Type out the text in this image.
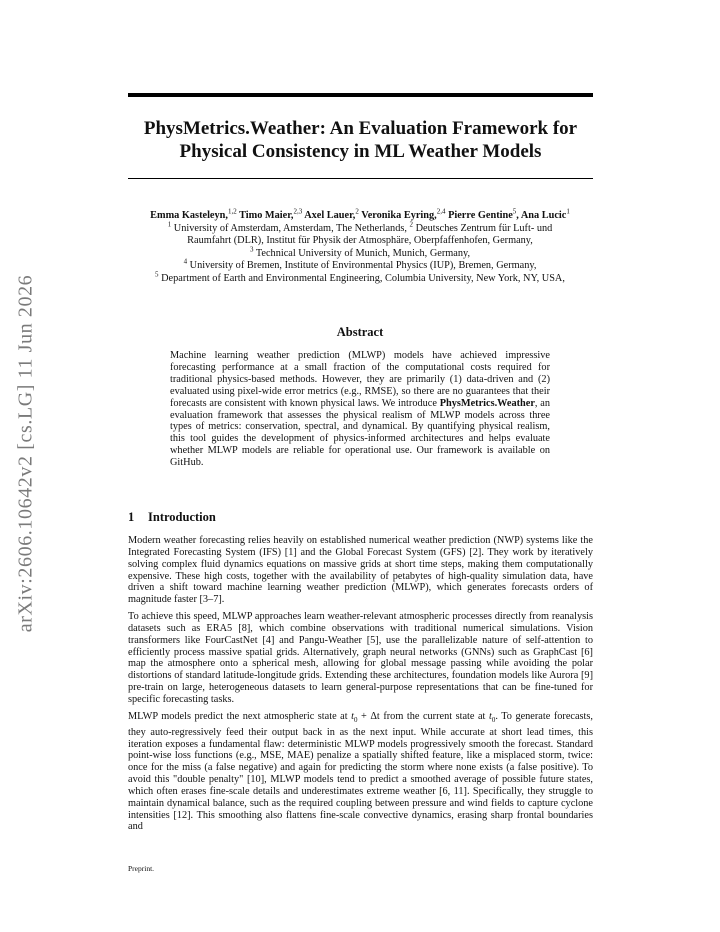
arXiv:2606.10642v2 [cs.LG] 11 Jun 2026
PhysMetrics.Weather: An Evaluation Framework for Physical Consistency in ML Weather Models
Emma Kasteleyn,$^{1,2}$ Timo Maier,$^{2,3}$ Axel Lauer,$^2$ Veronika Eyring,$^{2,4}$ Pierre Gentine$^5$, Ana Lucic$^1$
$^1$ University of Amsterdam, Amsterdam, The Netherlands, $^2$ Deutsches Zentrum für Luft- und
Raumfahrt (DLR), Institut für Physik der Atmosphäre, Oberpfaffenhofen, Germany,
$^3$ Technical University of Munich, Munich, Germany,
$^4$ University of Bremen, Institute of Environmental Physics (IUP), Bremen, Germany,
$^5$ Department of Earth and Environmental Engineering, Columbia University, New York, NY, USA,
Abstract

Machine learning weather prediction (MLWP) models have achieved impressive forecasting performance at a small fraction of the computational costs required for traditional physics-based methods. However, they are primarily (1) data-driven and (2) evaluated using pixel-wide error metrics (e.g., RMSE), so there are no guarantees that their forecasts are consistent with known physical laws. We introduce PhysMetrics.Weather, an evaluation framework that assesses the physical realism of MLWP models across three types of metrics: conservation, spectral, and dynamical. By quantifying physical realism, this tool guides the development of physics-informed architectures and helps evaluate whether MLWP models are reliable for operational use. Our framework is available on GitHub.

1 Introduction

Modern weather forecasting relies heavily on established numerical weather prediction (NWP) systems like the Integrated Forecasting System (IFS) [1] and the Global Forecast System (GFS) [2]. They work by iteratively solving complex fluid dynamics equations on massive grids at short time steps, making them computationally expensive. These high costs, together with the availability of petabytes of high-quality simulation data, have driven a shift toward machine learning weather prediction (MLWP), which generates forecasts orders of magnitude faster [3–7].

To achieve this speed, MLWP approaches learn weather-relevant atmospheric processes directly from reanalysis datasets such as ERA5 [8], which combine observations with traditional numerical simulations. Vision transformers like FourCastNet [4] and Pangu-Weather [5], use the parallelizable nature of self-attention to efficiently process massive spatial grids. Alternatively, graph neural networks (GNNs) such as GraphCast [6] map the atmosphere onto a spherical mesh, allowing for global message passing while avoiding the polar distortions of standard latitude-longitude grids. Extending these architectures, foundation models like Aurora [9] pre-train on large, heterogeneous datasets to learn general-purpose representations that can be fine-tuned for specific forecasting tasks.

MLWP models predict the next atmospheric state at $t_0 + \Delta t$ from the current state at $t_0$. To generate forecasts, they auto-regressively feed their output back in as the next input. While accurate at short lead times, this iteration exposes a fundamental flaw: deterministic MLWP models progressively smooth the forecast. Standard point-wise loss functions (e.g., MSE, MAE) penalize a spatially shifted feature, like a misplaced storm, twice: once for the miss (a false negative) and again for predicting the storm where none exists (a false positive). To avoid this "double penalty" [10], MLWP models tend to predict a smoothed average of possible future states, which often erases fine-scale details and underestimates extreme weather [6, 11]. Specifically, they struggle to maintain dynamical balance, such as the required coupling between pressure and wind fields to capture cyclone intensities [12]. This smoothing also flattens fine-scale convective dynamics, erasing sharp frontal boundaries and

Preprint.
